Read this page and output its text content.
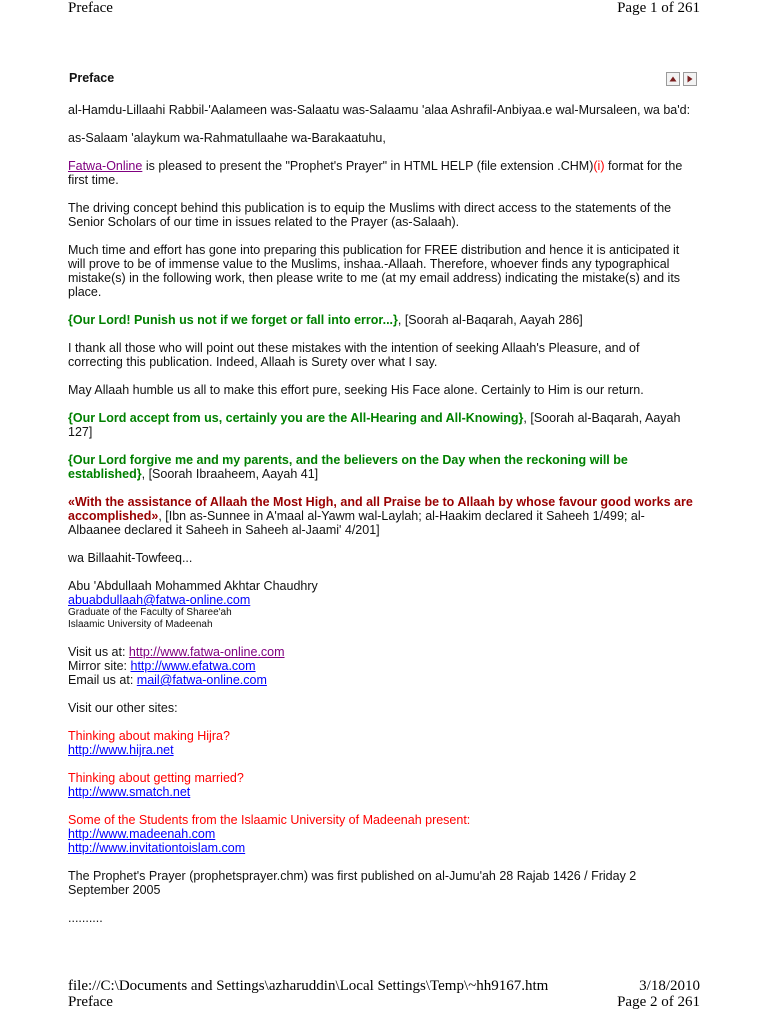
Preface	Page 1 of 261
Preface

al-Hamdu-Lillaahi Rabbil-'Aalameen was-Salaatu was-Salaamu 'alaa Ashrafil-Anbiyaa.e wal-Mursaleen, wa ba'd:

as-Salaam 'alaykum wa-Rahmatullaahe wa-Barakaatuhu,

Fatwa-Online is pleased to present the "Prophet's Prayer" in HTML HELP (file extension .CHM)(i) format for the
first time.

The driving concept behind this publication is to equip the Muslims with direct access to the statements of the
Senior Scholars of our time in issues related to the Prayer (as-Salaah).

Much time and effort has gone into preparing this publication for FREE distribution and hence it is anticipated it
will prove to be of immense value to the Muslims, inshaa.-Allaah. Therefore, whoever finds any typographical
mistake(s) in the following work, then please write to me (at my email address) indicating the mistake(s) and its
place.

{Our Lord! Punish us not if we forget or fall into error...}, [Soorah al-Baqarah, Aayah 286]

I thank all those who will point out these mistakes with the intention of seeking Allaah's Pleasure, and of
correcting this publication. Indeed, Allaah is Surety over what I say.

May Allaah humble us all to make this effort pure, seeking His Face alone. Certainly to Him is our return.

{Our Lord accept from us, certainly you are the All-Hearing and All-Knowing}, [Soorah al-Baqarah, Aayah
127]

{Our Lord forgive me and my parents, and the believers on the Day when the reckoning will be
established}, [Soorah Ibraaheem, Aayah 41]

«With the assistance of Allaah the Most High, and all Praise be to Allaah by whose favour good works are
accomplished», [Ibn as-Sunnee in A'maal al-Yawm wal-Laylah; al-Haakim declared it Saheeh 1/499; al-
Albaanee declared it Saheeh in Saheeh al-Jaami' 4/201]

wa Billaahit-Towfeeq...

Abu 'Abdullaah Mohammed Akhtar Chaudhry
abuabdullaah@fatwa-online.com
Graduate of the Faculty of Sharee'ah
Islaamic University of Madeenah
Visit us at: http://www.fatwa-online.com
Mirror site: http://www.efatwa.com
Email us at: mail@fatwa-online.com

Visit our other sites:

Thinking about making Hijra?
http://www.hijra.net
Thinking about getting married?
http://www.smatch.net
Some of the Students from the Islaamic University of Madeenah present:
http://www.madeenah.com
http://www.invitationtoislam.com

The Prophet's Prayer (prophetsprayer.chm) was first published on al-Jumu'ah 28 Rajab 1426 / Friday 2
September 2005

..........

file://C:\Documents and Settings\azharuddin\Local Settings\Temp\~hh9167.htm	3/18/2010
Preface	Page 2 of 261
